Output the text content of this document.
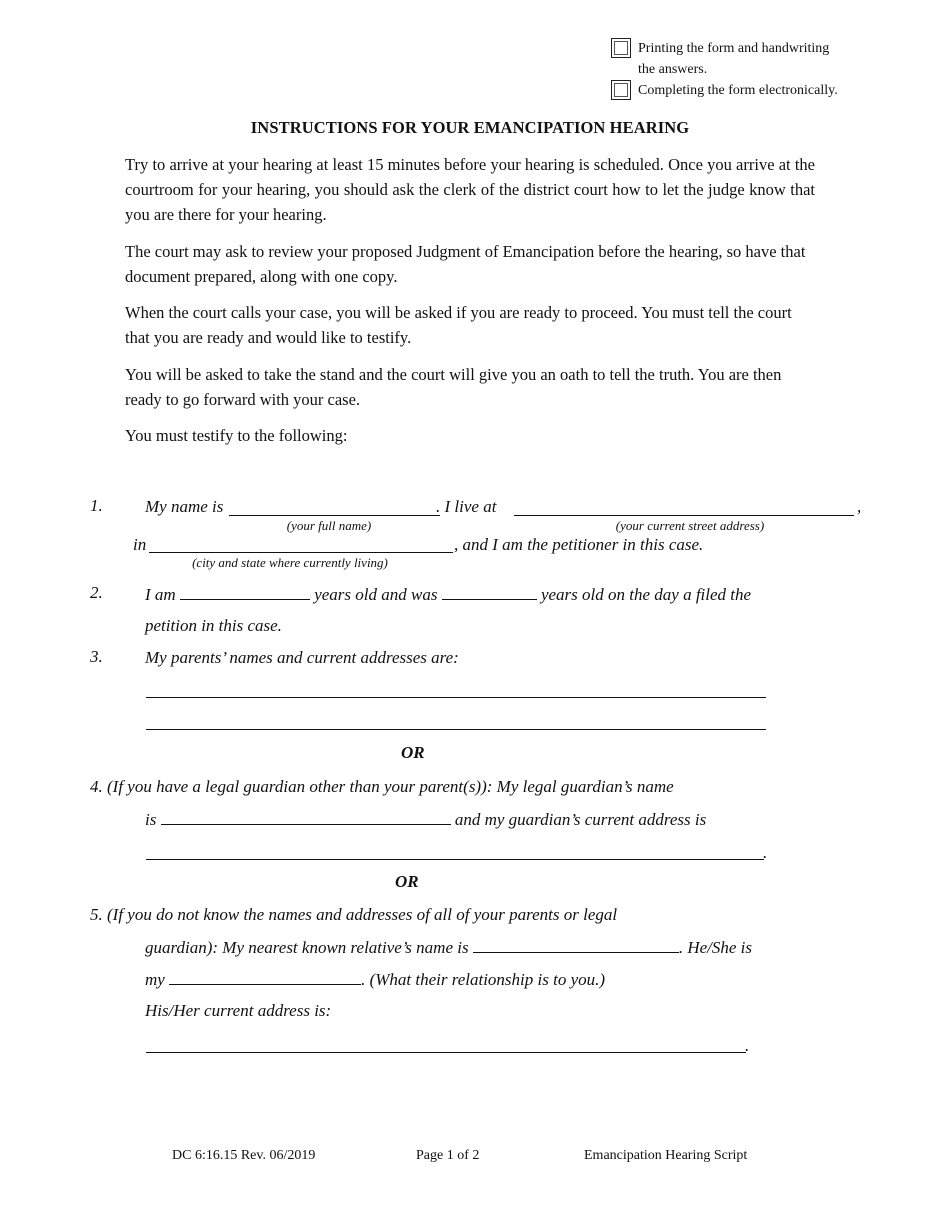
Printing the form and handwriting
the answers.
Completing the form electronically.
INSTRUCTIONS FOR YOUR EMANCIPATION HEARING
Try to arrive at your hearing at least 15 minutes before your hearing is scheduled. Once you arrive at the courtroom for your hearing, you should ask the clerk of the district court how to let the judge know that you are there for your hearing.
The court may ask to review your proposed Judgment of Emancipation before the hearing, so have that document prepared, along with one copy.
When the court calls your case, you will be asked if you are ready to proceed. You must tell the court that you are ready and would like to testify.
You will be asked to take the stand and the court will give you an oath to tell the truth. You are then ready to go forward with your case.
You must testify to the following:
1. My name is	. I live at	,
(your full name)	(your current street address)
in	, and I am the petitioner in this case.
(city and state where currently living)
2. I am	years old and was	years old on the day a filed the
petition in this case.
3. My parents’ names and current addresses are:
OR
4. (If you have a legal guardian other than your parent(s)): My legal guardian’s name
is	and my guardian’s current address is
.
OR
5. (If you do not know the names and addresses of all of your parents or legal
guardian): My nearest known relative’s name is	. He/She is
my	. (What their relationship is to you.)
His/Her current address is:
.
DC 6:16.15 Rev. 06/2019	Page 1 of 2	Emancipation Hearing Script
